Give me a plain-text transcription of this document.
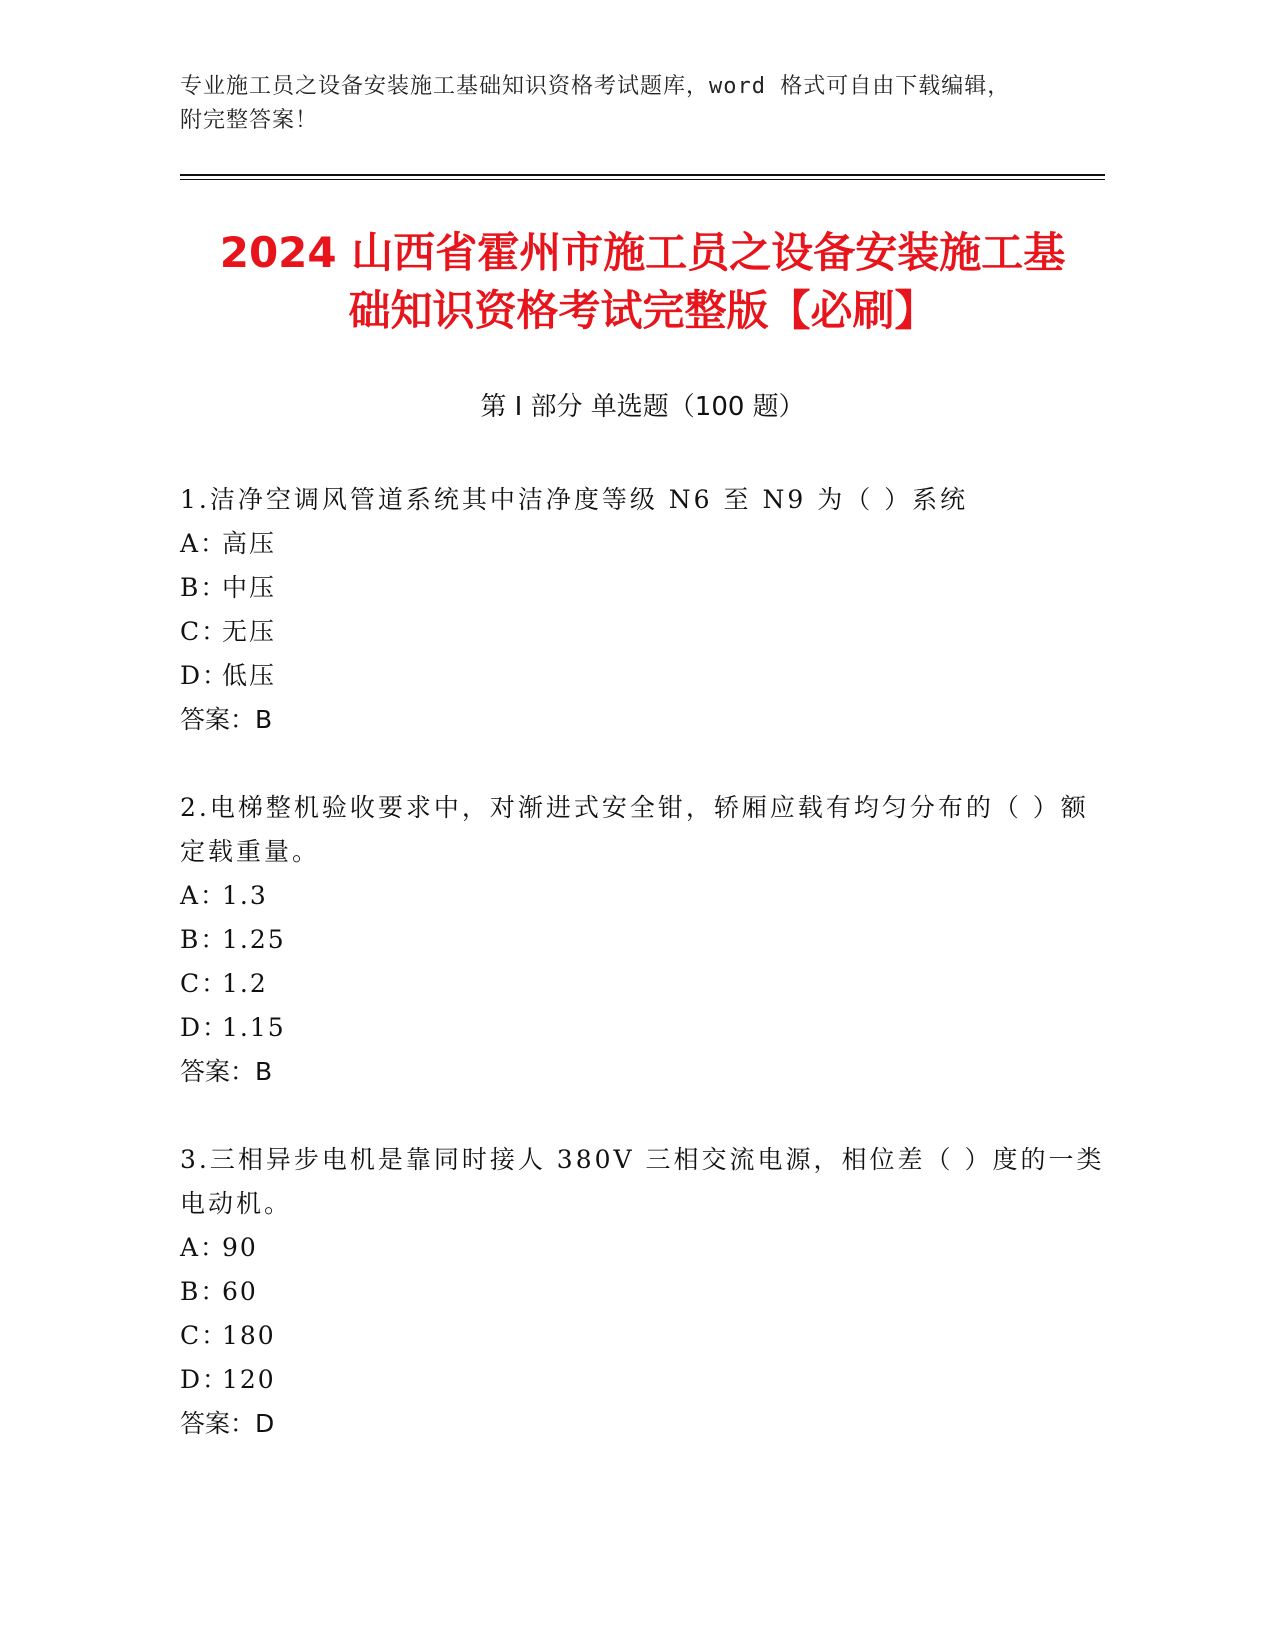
专业施工员之设备安装施工基础知识资格考试题库，word 格式可自由下载编辑，
附完整答案！
2024 山西省霍州市施工员之设备安装施工基
础知识资格考试完整版【必刷】
第 I 部分 单选题（100 题）
1.洁净空调风管道系统其中洁净度等级 N6 至 N9 为（ ）系统
A：高压
B：中压
C：无压
D：低压
答案：B
2.电梯整机验收要求中，对渐进式安全钳，轿厢应载有均匀分布的（ ）额定载重量。
A：1.3
B：1.25
C：1.2
D：1.15
答案：B
3.三相异步电机是靠同时接人 380V 三相交流电源，相位差（ ）度的一类电动机。
A：90
B：60
C：180
D：120
答案：D
